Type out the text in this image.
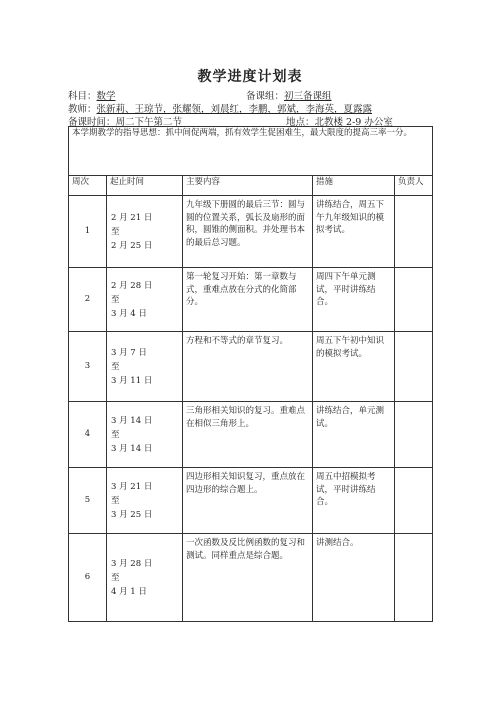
教学进度计划表
科目：数学	备课组：初三备课组
教师：张新莉、王琼节，张耀领，刘晨红，李鹏，郭斌，李海英，夏露露
备课时间：周二下午第二节	地点：北教楼 2-9 办公室
本学期教学的指导思想：抓中间促两端，抓有效学生促困难生，最大限度的提高三率一分。				
周次	起止时间	主要内容	措施	负责人
1	2 月 21 日
至
2 月 25 日	九年级下册圆的最后三节：圆与圆的位置关系，弧长及扇形的面积，圆锥的侧面积。并处理书本的最后总习题。	讲练结合，周五下午九年级知识的模拟考试。	
2	2 月 28 日
至
3 月 4 日	第一轮复习开始：第一章数与式，重难点放在分式的化简部分。	周四下午单元测试，平时讲练结合。	
3	3 月 7 日
至
3 月 11 日	方程和不等式的章节复习。	周五下午初中知识的模拟考试。	
4	3 月 14 日
至
3 月 14 日	三角形相关知识的复习。重难点在相似三角形上。	讲练结合，单元测试。	
5	3 月 21 日
至
3 月 25 日	四边形相关知识复习，重点放在四边形的综合题上。	周五中招模拟考试，平时讲练结合。	
6	3 月 28 日
至
4 月 1 日	一次函数及反比例函数的复习和测试。同样重点是综合题。	讲测结合。	
